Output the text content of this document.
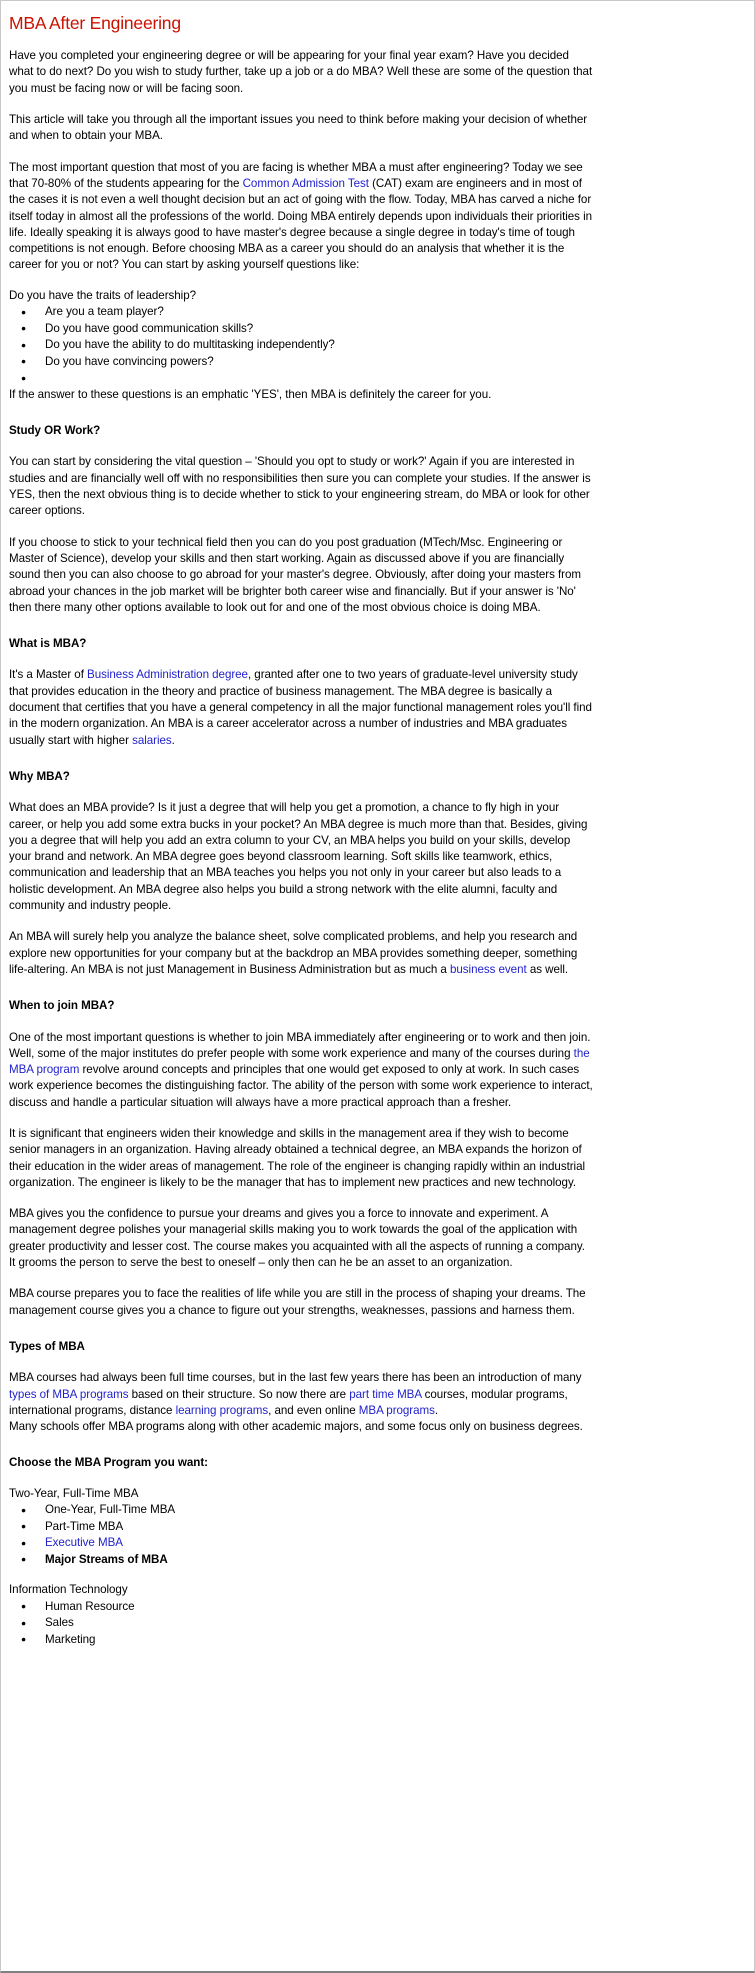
MBA After Engineering

Have you completed your engineering degree or will be appearing for your final year exam? Have you decided what to do next? Do you wish to study further, take up a job or a do MBA? Well these are some of the question that you must be facing now or will be facing soon.

This article will take you through all the important issues you need to think before making your decision of whether and when to obtain your MBA.

The most important question that most of you are facing is whether MBA a must after engineering? Today we see that 70-80% of the students appearing for the Common Admission Test (CAT) exam are engineers and in most of the cases it is not even a well thought decision but an act of going with the flow. Today, MBA has carved a niche for itself today in almost all the professions of the world. Doing MBA entirely depends upon individuals their priorities in life. Ideally speaking it is always good to have master's degree because a single degree in today's time of tough competitions is not enough. Before choosing MBA as a career you should do an analysis that whether it is the career for you or not? You can start by asking yourself questions like:

Do you have the traits of leadership?
● Are you a team player?
● Do you have good communication skills?
● Do you have the ability to do multitasking independently?
● Do you have convincing powers?
●
If the answer to these questions is an emphatic 'YES', then MBA is definitely the career for you.
Study OR Work?

You can start by considering the vital question – 'Should you opt to study or work?' Again if you are interested in studies and are financially well off with no responsibilities then sure you can complete your studies. If the answer is YES, then the next obvious thing is to decide whether to stick to your engineering stream, do MBA or look for other career options.

If you choose to stick to your technical field then you can do you post graduation (MTech/Msc. Engineering or Master of Science), develop your skills and then start working. Again as discussed above if you are financially sound then you can also choose to go abroad for your master's degree. Obviously, after doing your masters from abroad your chances in the job market will be brighter both career wise and financially. But if your answer is 'No' then there many other options available to look out for and one of the most obvious choice is doing MBA.

What is MBA?

It's a Master of Business Administration degree, granted after one to two years of graduate-level university study that provides education in the theory and practice of business management. The MBA degree is basically a document that certifies that you have a general competency in all the major functional management roles you'll find in the modern organization. An MBA is a career accelerator across a number of industries and MBA graduates usually start with higher salaries.

Why MBA?

What does an MBA provide? Is it just a degree that will help you get a promotion, a chance to fly high in your career, or help you add some extra bucks in your pocket? An MBA degree is much more than that. Besides, giving you a degree that will help you add an extra column to your CV, an MBA helps you build on your skills, develop your brand and network. An MBA degree goes beyond classroom learning. Soft skills like teamwork, ethics, communication and leadership that an MBA teaches you helps you not only in your career but also leads to a holistic development. An MBA degree also helps you build a strong network with the elite alumni, faculty and community and industry people.

An MBA will surely help you analyze the balance sheet, solve complicated problems, and help you research and explore new opportunities for your company but at the backdrop an MBA provides something deeper, something life-altering. An MBA is not just Management in Business Administration but as much a business event as well.

When to join MBA?

One of the most important questions is whether to join MBA immediately after engineering or to work and then join. Well, some of the major institutes do prefer people with some work experience and many of the courses during the MBA program revolve around concepts and principles that one would get exposed to only at work. In such cases work experience becomes the distinguishing factor. The ability of the person with some work experience to interact, discuss and handle a particular situation will always have a more practical approach than a fresher.

It is significant that engineers widen their knowledge and skills in the management area if they wish to become senior managers in an organization. Having already obtained a technical degree, an MBA expands the horizon of their education in the wider areas of management. The role of the engineer is changing rapidly within an industrial organization. The engineer is likely to be the manager that has to implement new practices and new technology.

MBA gives you the confidence to pursue your dreams and gives you a force to innovate and experiment. A management degree polishes your managerial skills making you to work towards the goal of the application with greater productivity and lesser cost. The course makes you acquainted with all the aspects of running a company. It grooms the person to serve the best to oneself – only then can he be an asset to an organization.

MBA course prepares you to face the realities of life while you are still in the process of shaping your dreams. The management course gives you a chance to figure out your strengths, weaknesses, passions and harness them.

Types of MBA

MBA courses had always been full time courses, but in the last few years there has been an introduction of many types of MBA programs based on their structure. So now there are part time MBA courses, modular programs, international programs, distance learning programs, and even online MBA programs.

Many schools offer MBA programs along with other academic majors, and some focus only on business degrees.

Choose the MBA Program you want:
Two-Year, Full-Time MBA
● One-Year, Full-Time MBA
● Part-Time MBA
● Executive MBA
● Major Streams of MBA
Information Technology
● Human Resource
● Sales
● Marketing
